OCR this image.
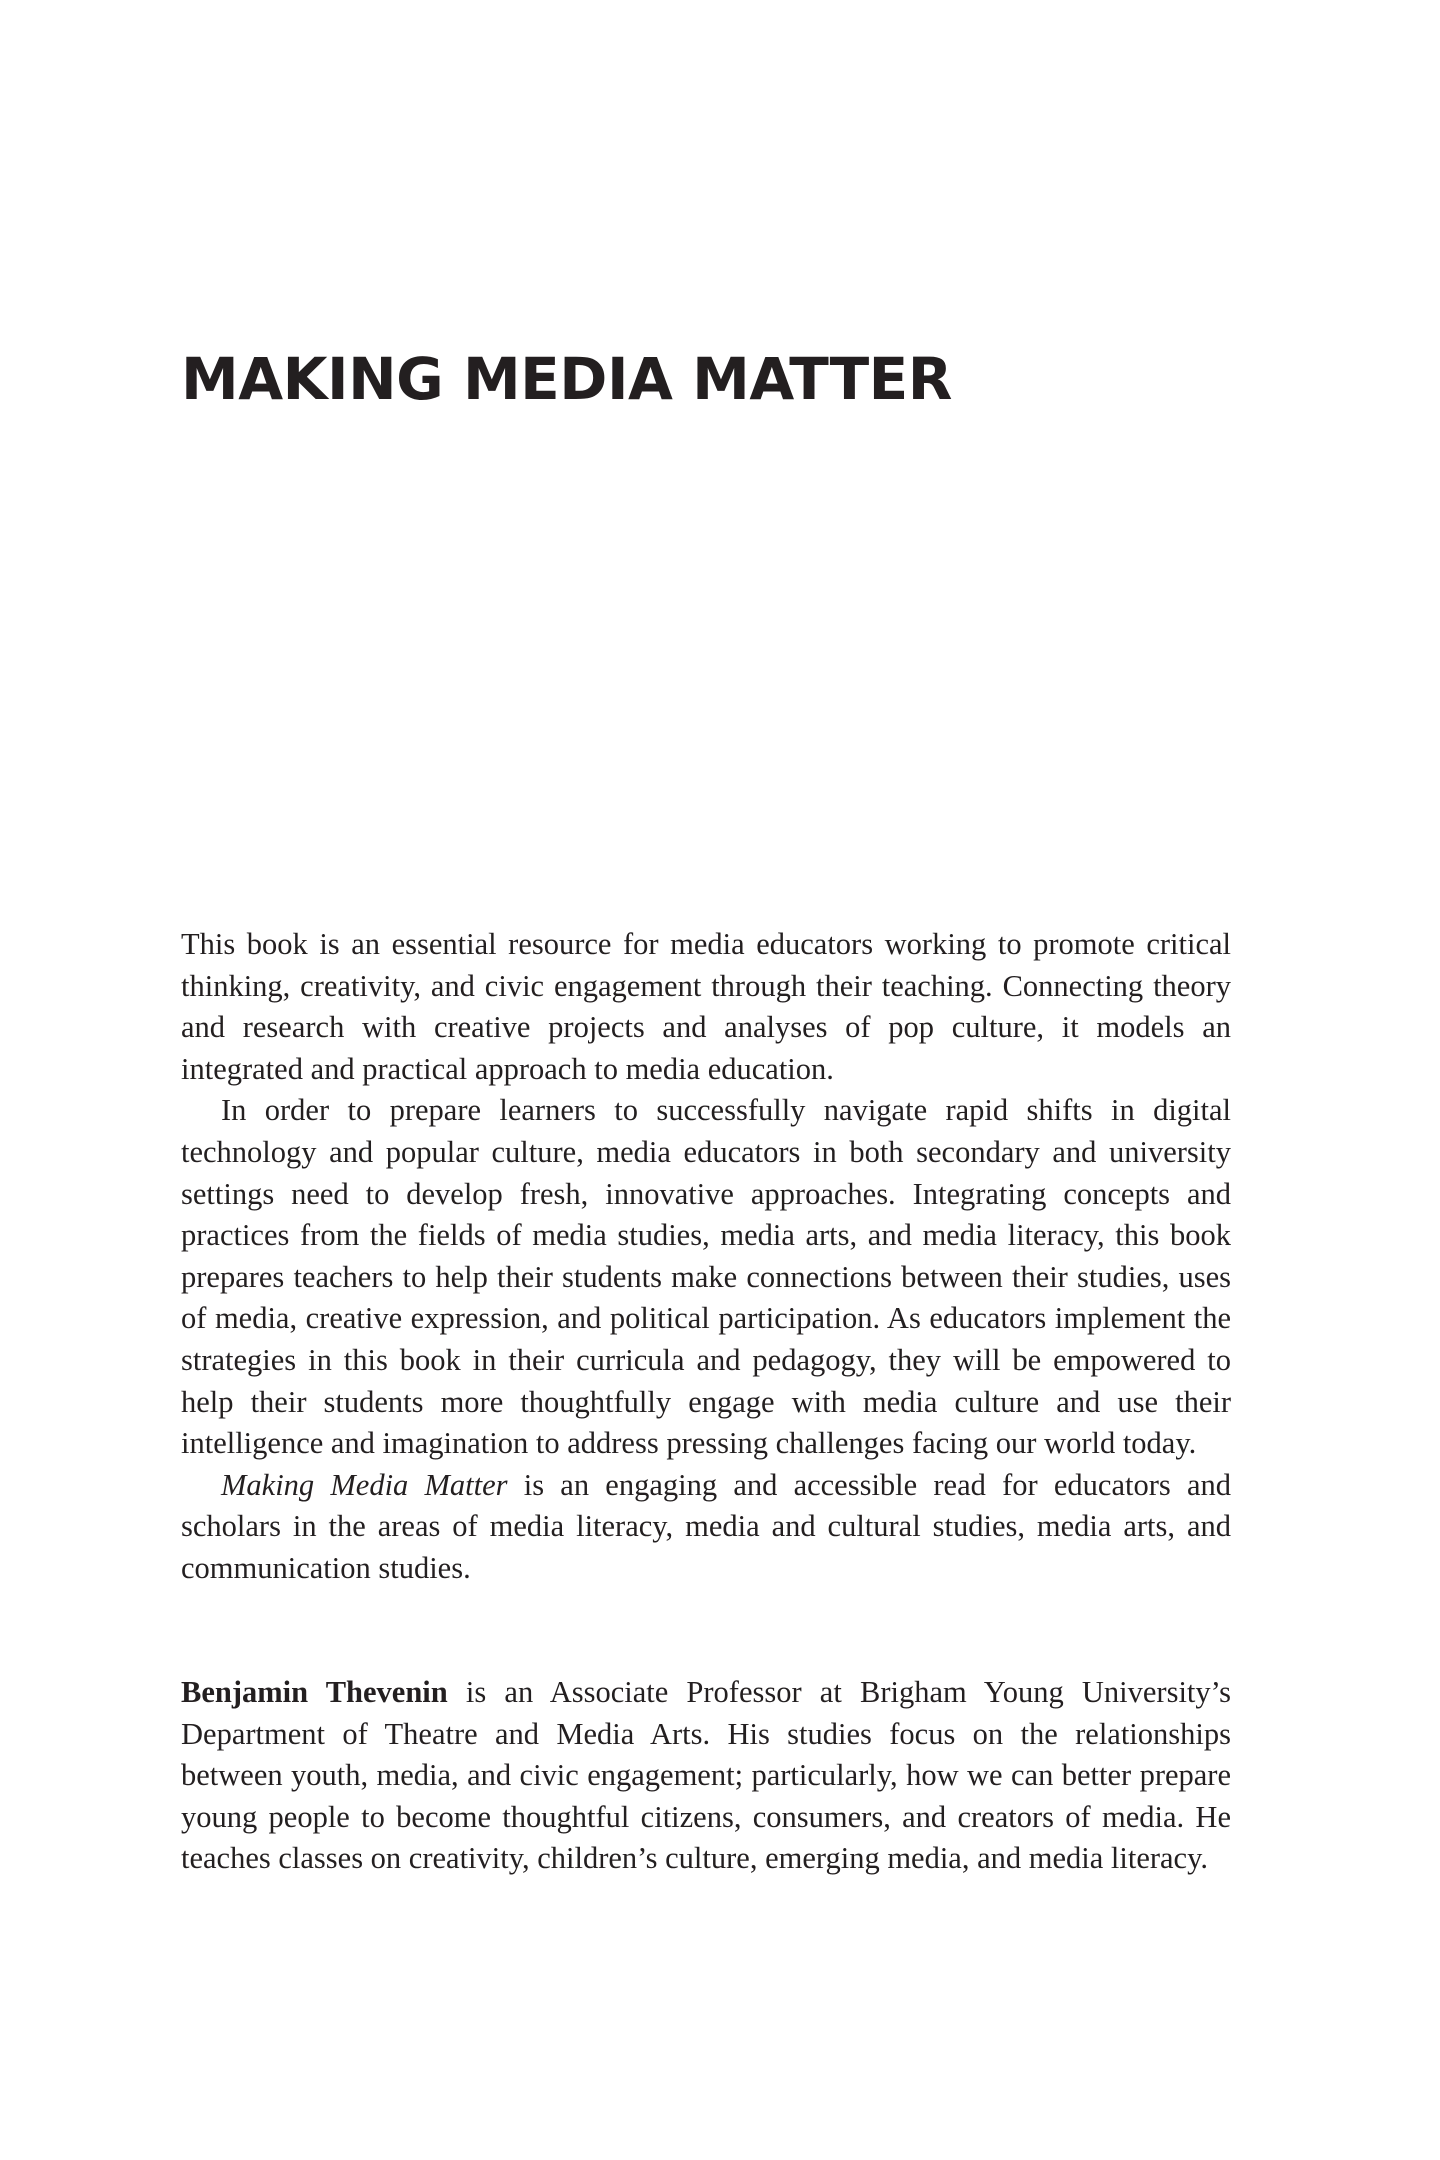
MAKING MEDIA MATTER

This book is an essential resource for media educators working to promote critical thinking, creativity, and civic engagement through their teaching. Connecting theory and research with creative projects and analyses of pop culture, it models an integrated and practical approach to media education.

In order to prepare learners to successfully navigate rapid shifts in digital technology and popular culture, media educators in both secondary and university settings need to develop fresh, innovative approaches. Integrating concepts and practices from the fields of media studies, media arts, and media literacy, this book prepares teachers to help their students make connections between their studies, uses of media, creative expression, and political participation. As educators implement the strategies in this book in their curricula and pedagogy, they will be empowered to help their students more thoughtfully engage with media culture and use their intelligence and imagination to address pressing challenges facing our world today.

Making Media Matter is an engaging and accessible read for educators and scholars in the areas of media literacy, media and cultural studies, media arts, and communication studies.

Benjamin Thevenin is an Associate Professor at Brigham Young University’s Department of Theatre and Media Arts. His studies focus on the relationships between youth, media, and civic engagement; particularly, how we can better prepare young people to become thoughtful citizens, consumers, and creators of media. He teaches classes on creativity, children’s culture, emerging media, and media literacy.
